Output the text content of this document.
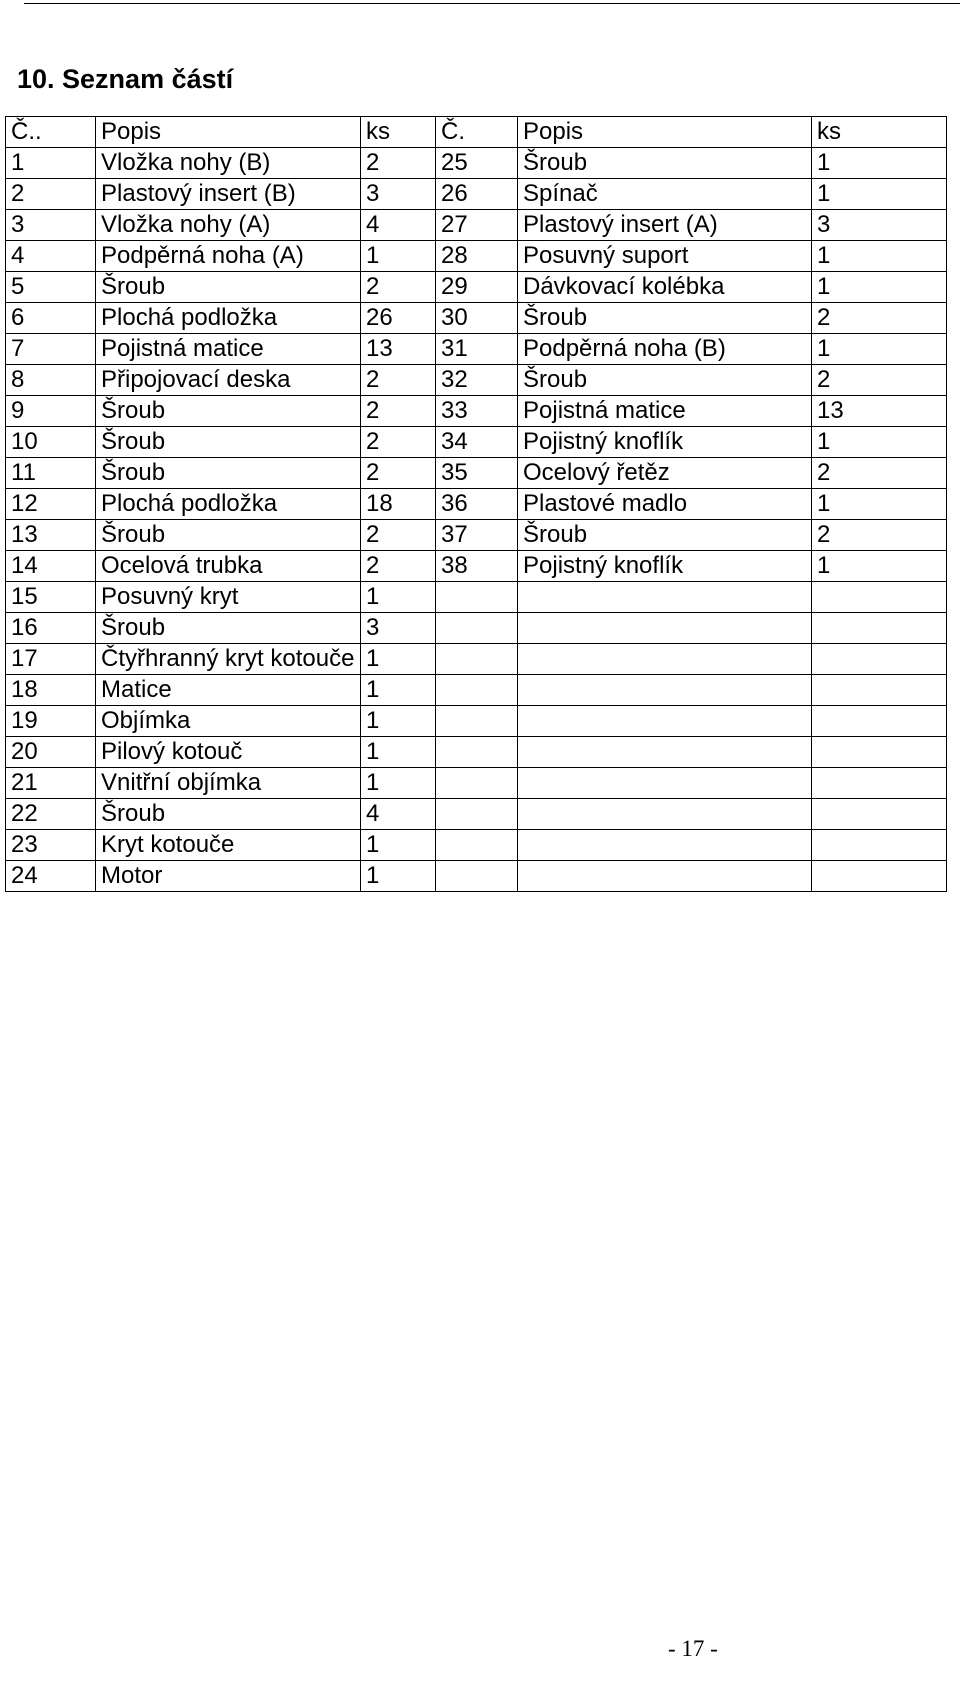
10. Seznam částí
Č..	Popis	ks	Č.	Popis	ks
1	Vložka nohy (B)	2	25	Šroub	1
2	Plastový insert (B)	3	26	Spínač	1
3	Vložka nohy (A)	4	27	Plastový insert (A)	3
4	Podpěrná noha (A)	1	28	Posuvný suport	1
5	Šroub	2	29	Dávkovací kolébka	1
6	Plochá podložka	26	30	Šroub	2
7	Pojistná matice	13	31	Podpěrná noha (B)	1
8	Připojovací deska	2	32	Šroub	2
9	Šroub	2	33	Pojistná matice	13
10	Šroub	2	34	Pojistný knoflík	1
11	Šroub	2	35	Ocelový řetěz	2
12	Plochá podložka	18	36	Plastové madlo	1
13	Šroub	2	37	Šroub	2
14	Ocelová trubka	2	38	Pojistný knoflík	1
15	Posuvný kryt	1			
16	Šroub	3			
17	Čtyřhranný kryt kotouče	1			
18	Matice	1			
19	Objímka	1			
20	Pilový kotouč	1			
21	Vnitřní objímka	1			
22	Šroub	4			
23	Kryt kotouče	1			
24	Motor	1			
- 17 -
